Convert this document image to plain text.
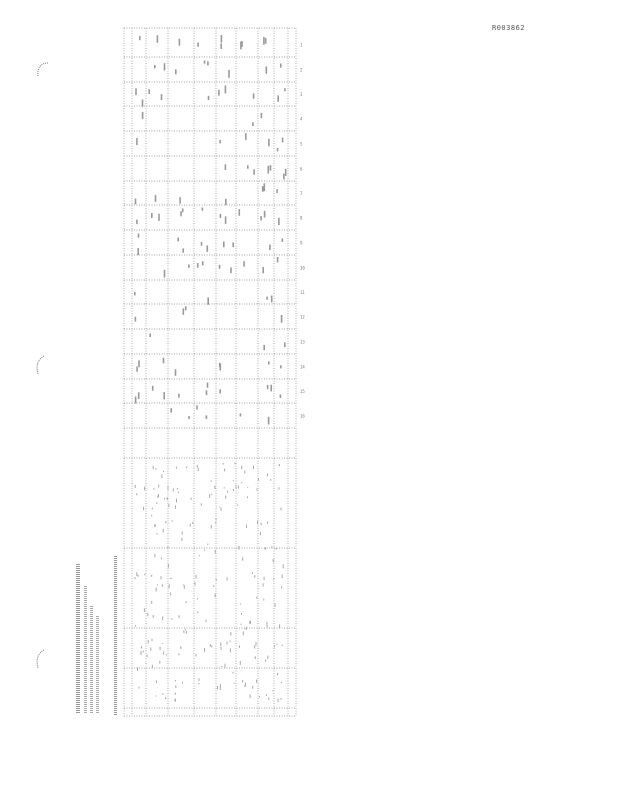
R003862
1
2
3
4
5
6
7
8
9
10
11
12
13
14
15
16
